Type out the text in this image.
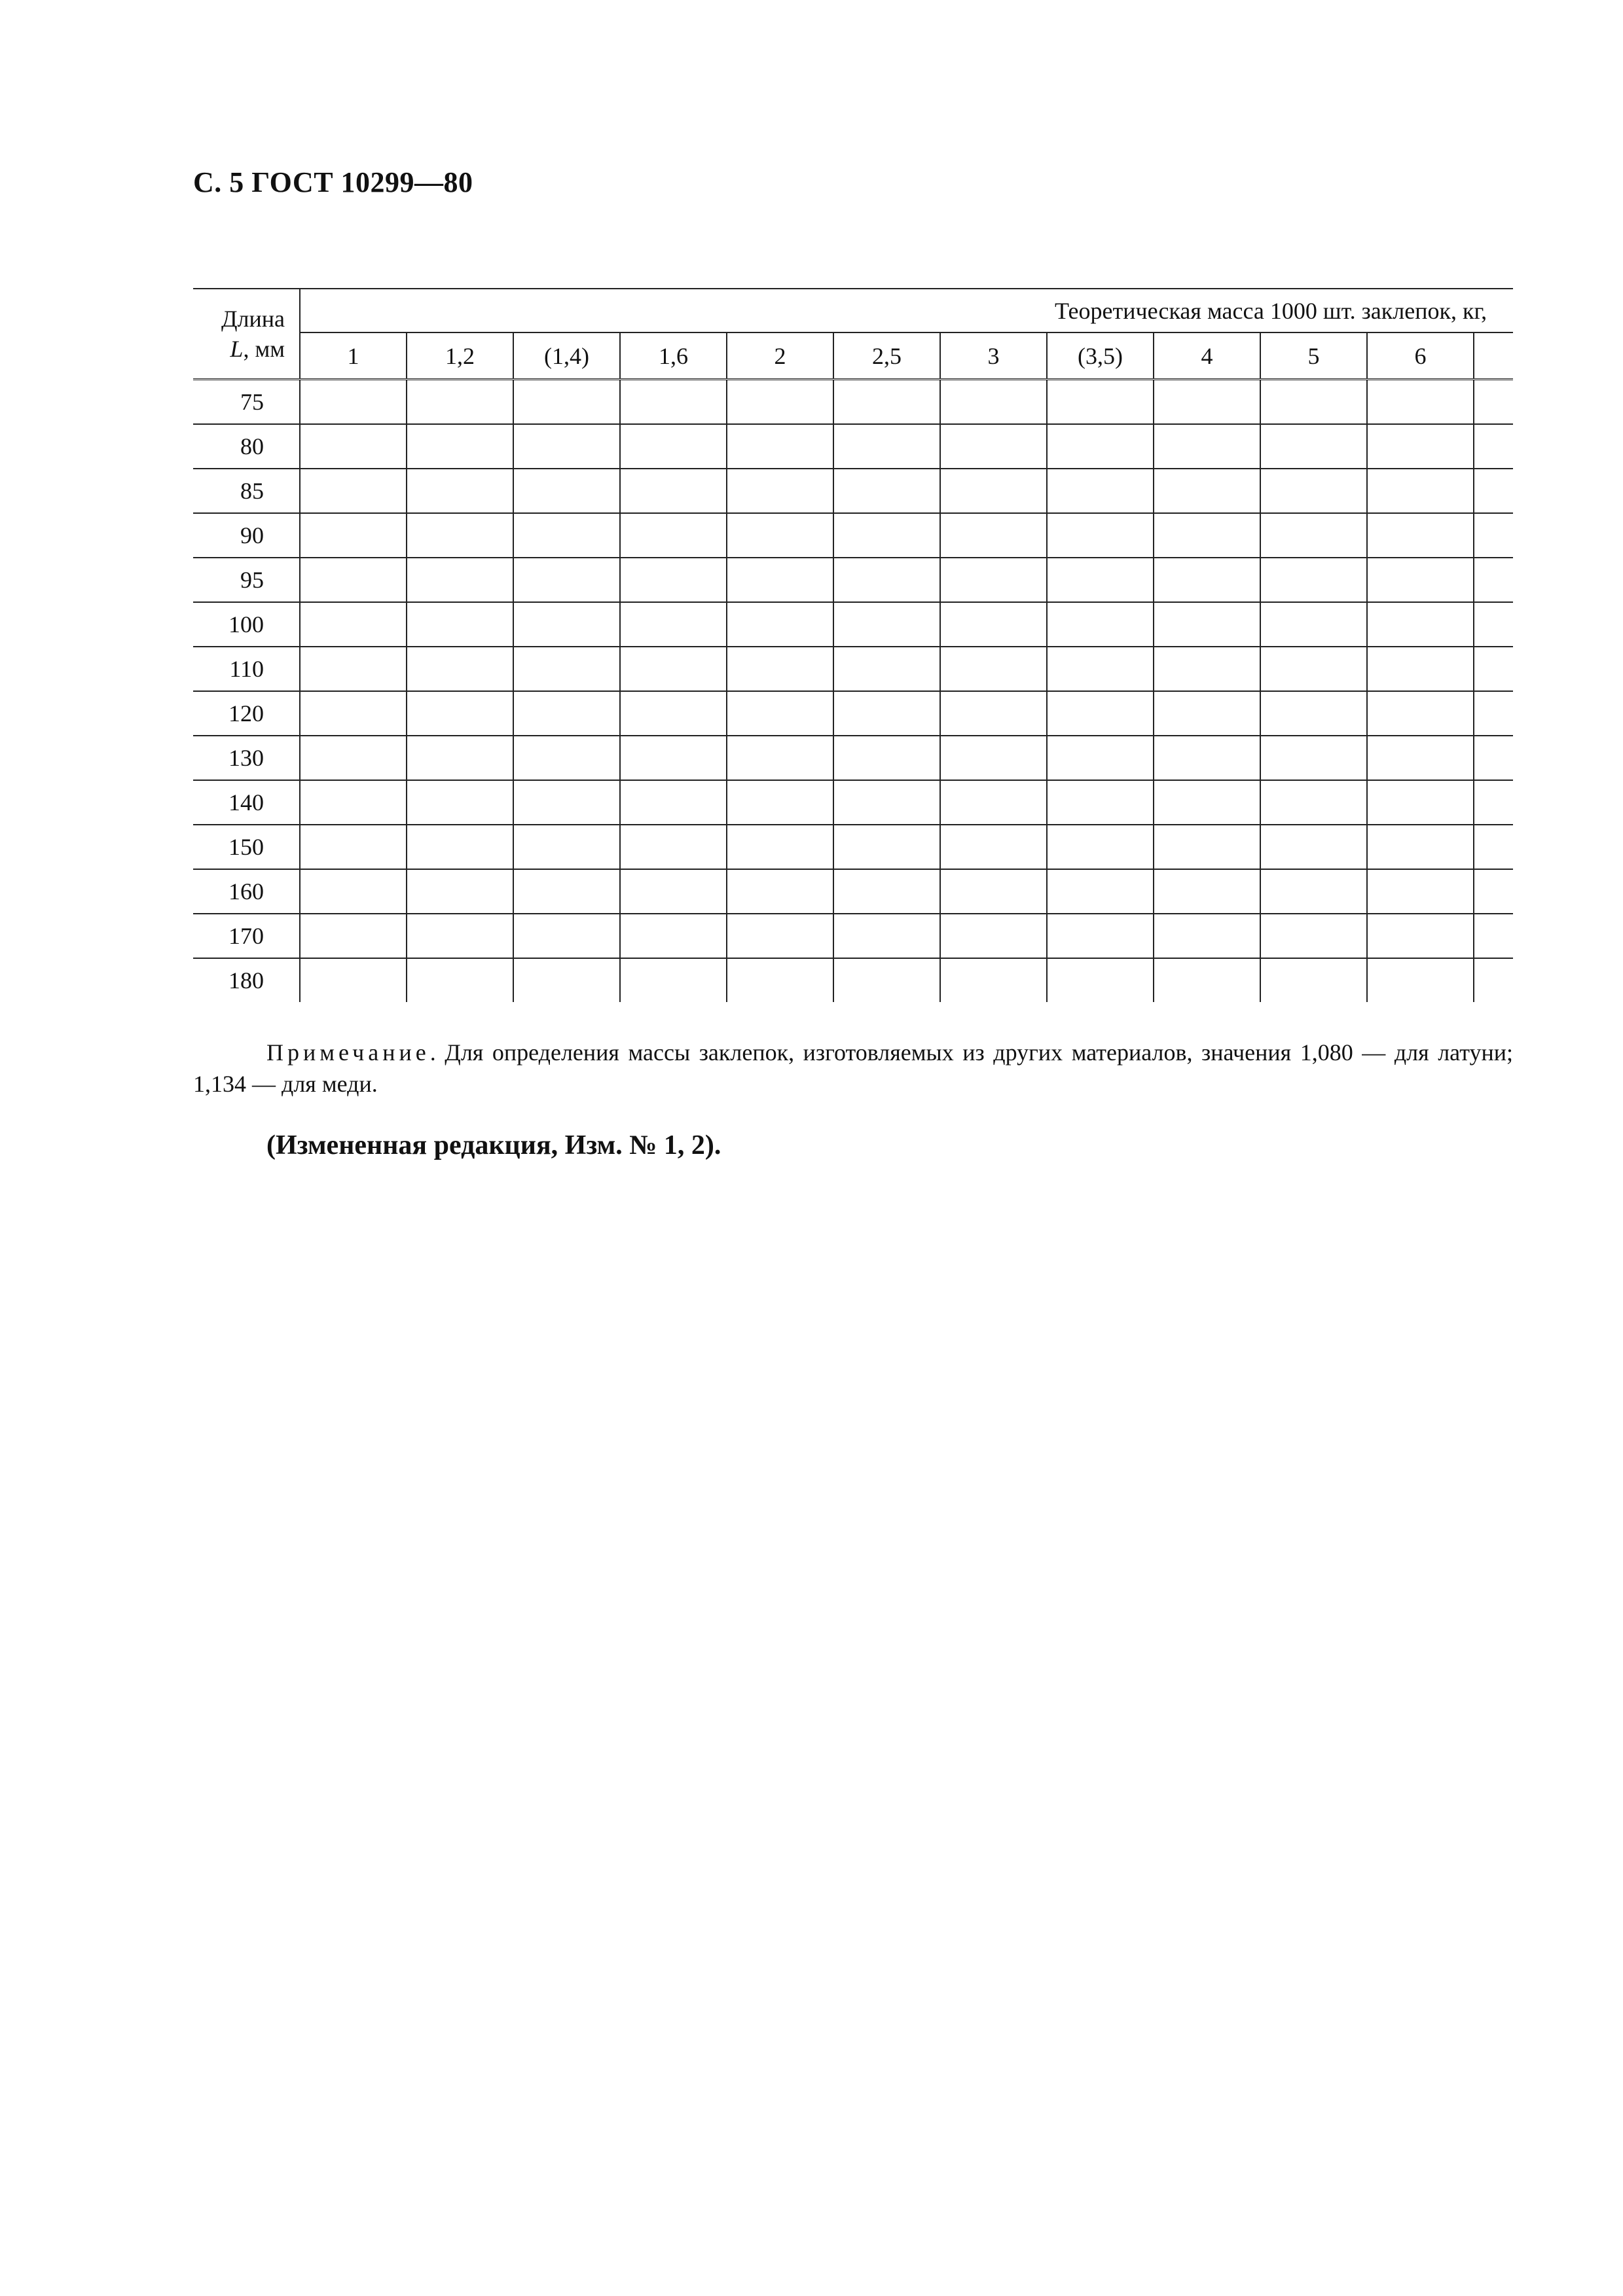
С. 5 ГОСТ 10299—80
Длина
L, мм	Теоретическая масса 1000 шт. заклепок, кг,											
	1	1,2	(1,4)	1,6	2	2,5	3	(3,5)	4	5	6	
75												
80												
85												
90												
95												
100												
110												
120												
130												
140												
150												
160												
170												
180												

Примечание. Для определения массы заклепок, изготовляемых из других материалов, значения 1,080 — для латуни; 1,134 — для меди.

(Измененная редакция, Изм. № 1, 2).
